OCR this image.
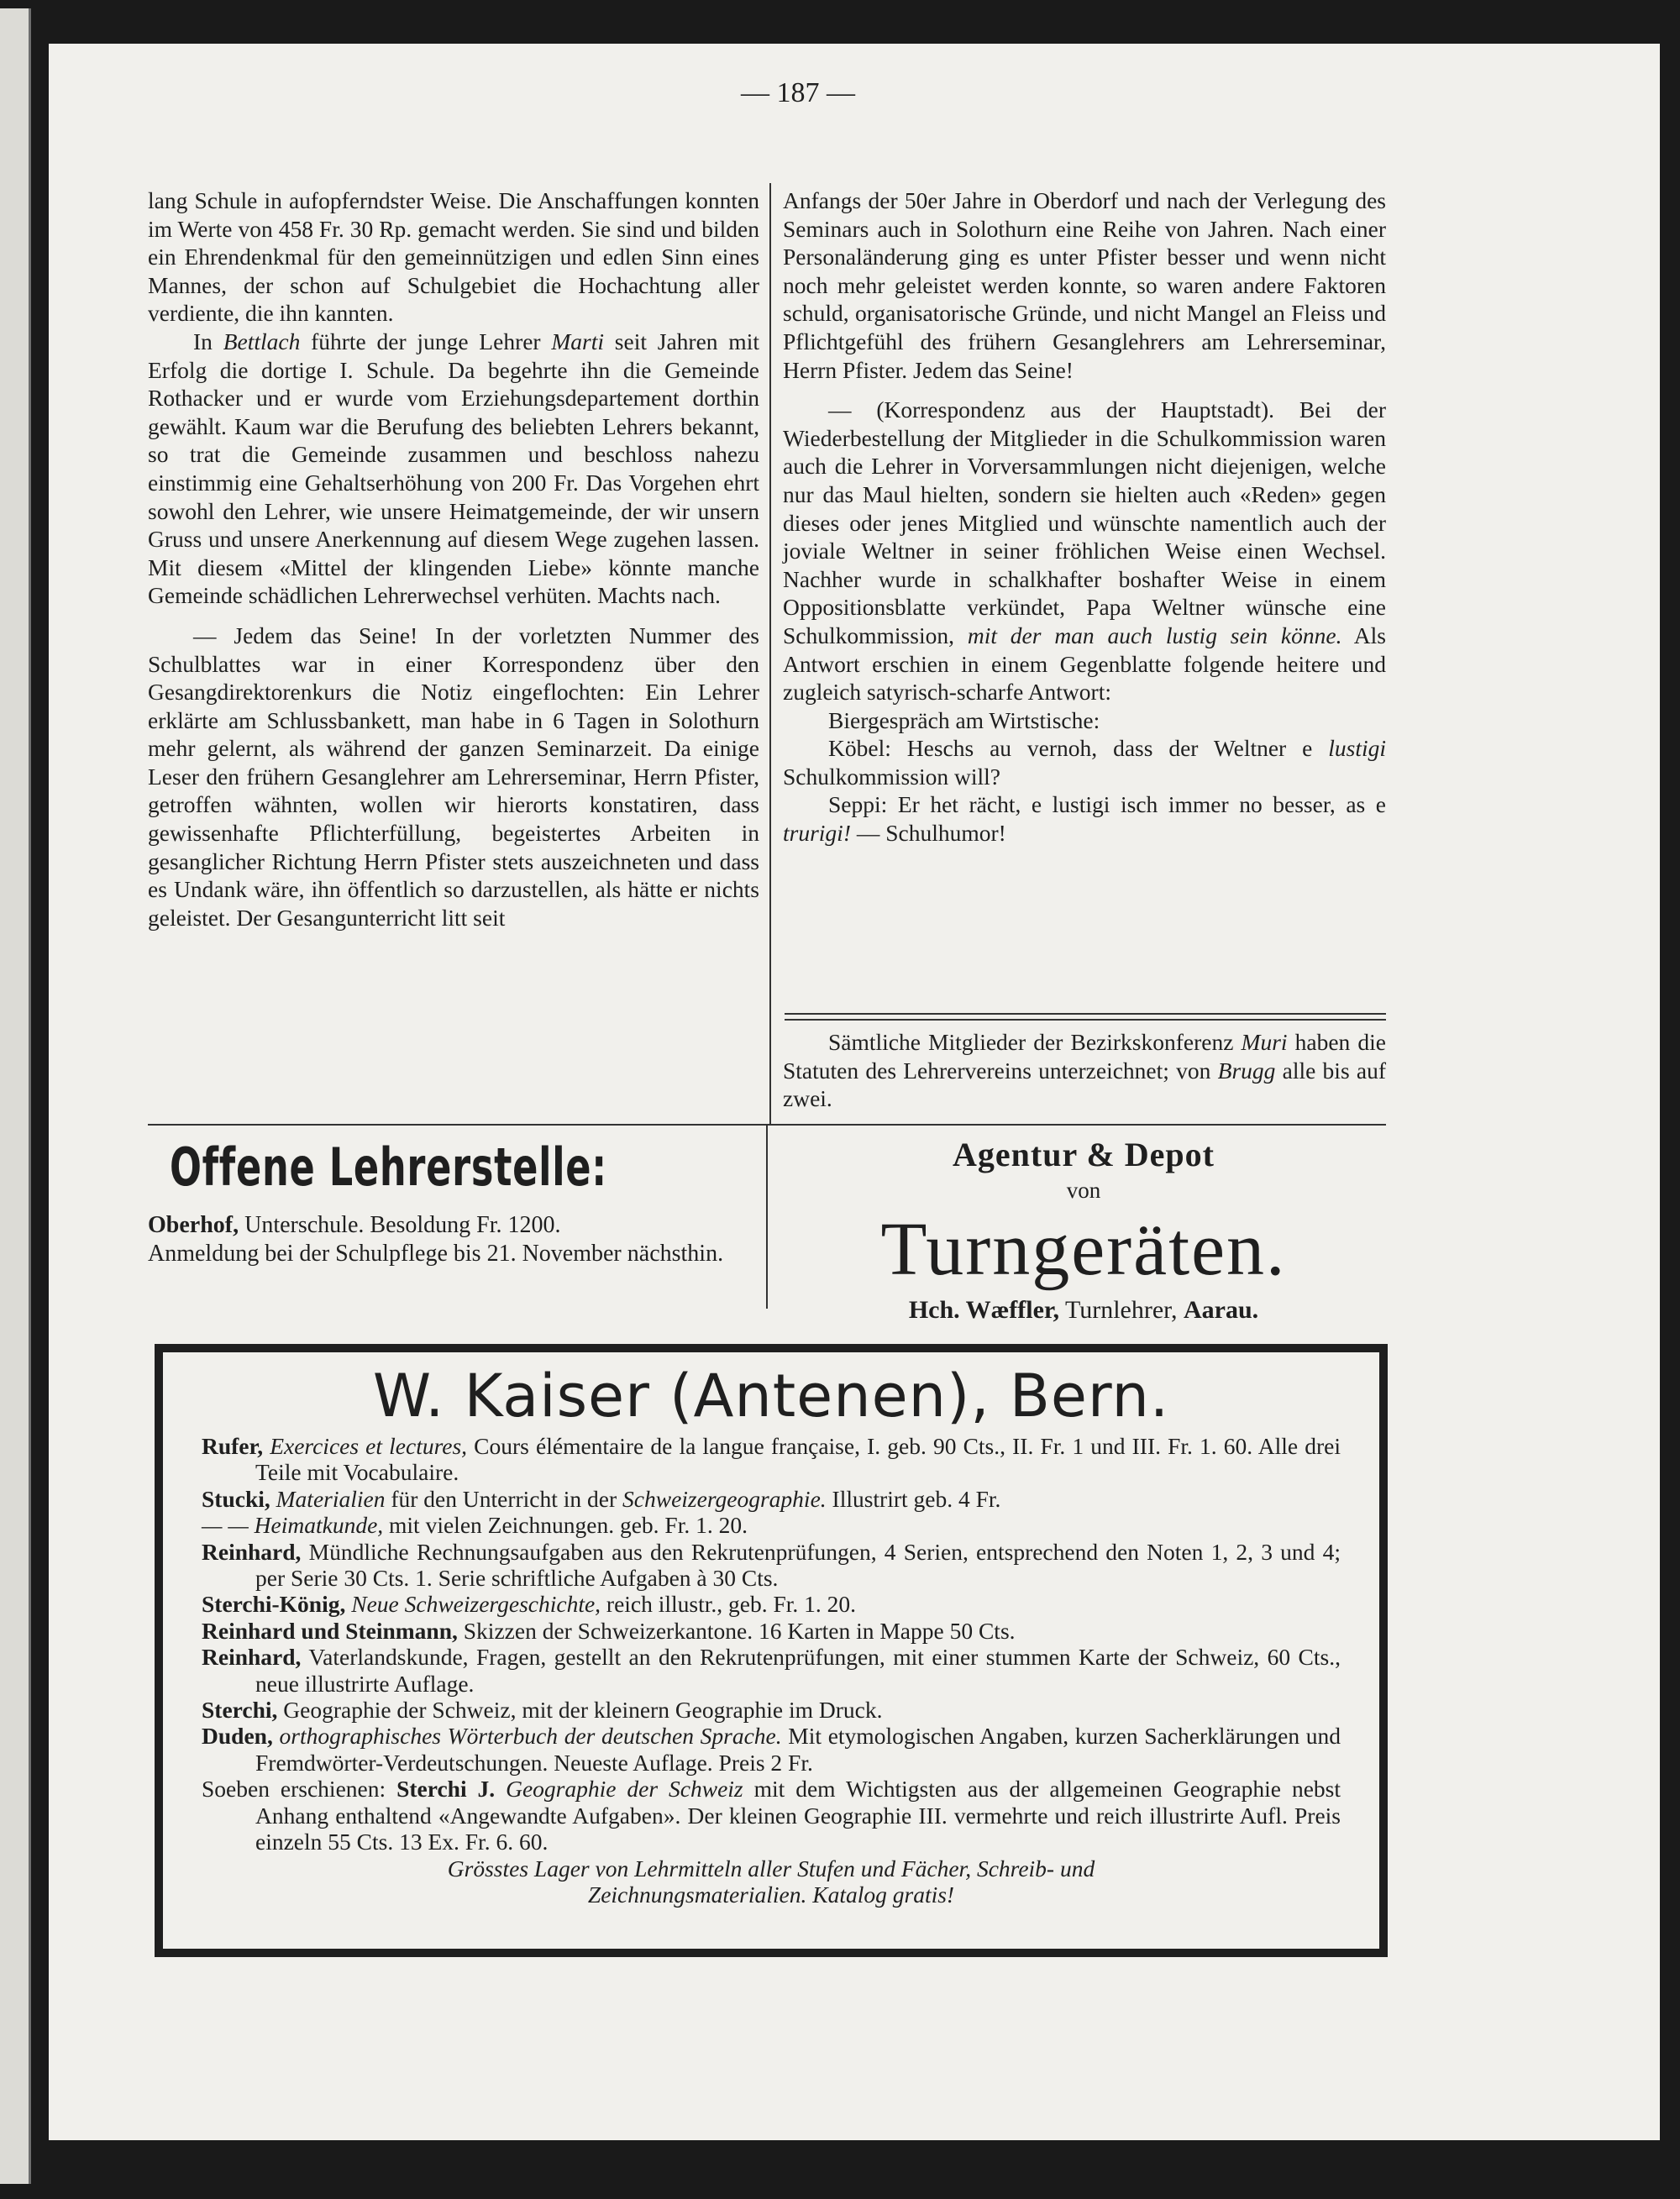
— 187 —

lang Schule in aufopferndster Weise. Die Anschaffungen konnten im Werte von 458 Fr. 30 Rp. gemacht werden. Sie sind und bilden ein Ehrendenkmal für den gemeinnützigen und edlen Sinn eines Mannes, der schon auf Schulgebiet die Hochachtung aller verdiente, die ihn kannten.

In Bettlach führte der junge Lehrer Marti seit Jahren mit Erfolg die dortige I. Schule. Da begehrte ihn die Gemeinde Rothacker und er wurde vom Erziehungsdepartement dorthin gewählt. Kaum war die Berufung des beliebten Lehrers bekannt, so trat die Gemeinde zusammen und beschloss nahezu einstimmig eine Gehaltserhöhung von 200 Fr. Das Vorgehen ehrt sowohl den Lehrer, wie unsere Heimatgemeinde, der wir unsern Gruss und unsere Anerkennung auf diesem Wege zugehen lassen. Mit diesem «Mittel der klingenden Liebe» könnte manche Gemeinde schädlichen Lehrerwechsel verhüten. Machts nach.

— Jedem das Seine! In der vorletzten Nummer des Schulblattes war in einer Korrespondenz über den Gesangdirektorenkurs die Notiz eingeflochten: Ein Lehrer erklärte am Schlussbankett, man habe in 6 Tagen in Solothurn mehr gelernt, als während der ganzen Seminarzeit. Da einige Leser den frühern Gesanglehrer am Lehrerseminar, Herrn Pfister, getroffen wähnten, wollen wir hierorts konstatiren, dass gewissenhafte Pflichterfüllung, begeistertes Arbeiten in gesanglicher Richtung Herrn Pfister stets auszeichneten und dass es Undank wäre, ihn öffentlich so darzustellen, als hätte er nichts geleistet. Der Gesangunterricht litt seit

Anfangs der 50er Jahre in Oberdorf und nach der Verlegung des Seminars auch in Solothurn eine Reihe von Jahren. Nach einer Personaländerung ging es unter Pfister besser und wenn nicht noch mehr geleistet werden konnte, so waren andere Faktoren schuld, organisatorische Gründe, und nicht Mangel an Fleiss und Pflichtgefühl des frühern Gesanglehrers am Lehrerseminar, Herrn Pfister. Jedem das Seine!

— (Korrespondenz aus der Hauptstadt). Bei der Wiederbestellung der Mitglieder in die Schulkommission waren auch die Lehrer in Vorversammlungen nicht diejenigen, welche nur das Maul hielten, sondern sie hielten auch «Reden» gegen dieses oder jenes Mitglied und wünschte namentlich auch der joviale Weltner in seiner fröhlichen Weise einen Wechsel. Nachher wurde in schalkhafter boshafter Weise in einem Oppositionsblatte verkündet, Papa Weltner wünsche eine Schulkommission, mit der man auch lustig sein könne. Als Antwort erschien in einem Gegenblatte folgende heitere und zugleich satyrisch-scharfe Antwort:

Biergespräch am Wirtstische:

Köbel: Heschs au vernoh, dass der Weltner e lustigi Schulkommission will?

Seppi: Er het rächt, e lustigi isch immer no besser, as e trurigi! — Schulhumor!

Sämtliche Mitglieder der Bezirkskonferenz Muri haben die Statuten des Lehrervereins unterzeichnet; von Brugg alle bis auf zwei.

Offene Lehrerstelle:
Oberhof, Unterschule. Besoldung Fr. 1200.
Anmeldung bei der Schulpflege bis 21. November nächsthin.
Agentur & Depot
von
Turngeräten.
Hch. Wæffler, Turnlehrer, Aarau.
W. Kaiser (Antenen), Bern.

Rufer, Exercices et lectures, Cours élémentaire de la langue française, I. geb. 90 Cts., II. Fr. 1 und III. Fr. 1. 60. Alle drei Teile mit Vocabulaire.

Stucki, Materialien für den Unterricht in der Schweizergeographie. Illustrirt geb. 4 Fr.

— — Heimatkunde, mit vielen Zeichnungen. geb. Fr. 1. 20.

Reinhard, Mündliche Rechnungsaufgaben aus den Rekrutenprüfungen, 4 Serien, entsprechend den Noten 1, 2, 3 und 4; per Serie 30 Cts. 1. Serie schriftliche Aufgaben à 30 Cts.

Sterchi-König, Neue Schweizergeschichte, reich illustr., geb. Fr. 1. 20.

Reinhard und Steinmann, Skizzen der Schweizerkantone. 16 Karten in Mappe 50 Cts.

Reinhard, Vaterlandskunde, Fragen, gestellt an den Rekrutenprüfungen, mit einer stummen Karte der Schweiz, 60 Cts., neue illustrirte Auflage.

Sterchi, Geographie der Schweiz, mit der kleinern Geographie im Druck.

Duden, orthographisches Wörterbuch der deutschen Sprache. Mit etymologischen Angaben, kurzen Sacherklärungen und Fremdwörter-Verdeutschungen. Neueste Auflage. Preis 2 Fr.

Soeben erschienen: Sterchi J. Geographie der Schweiz mit dem Wichtigsten aus der allgemeinen Geographie nebst Anhang enthaltend «Angewandte Aufgaben». Der kleinen Geographie III. vermehrte und reich illustrirte Aufl. Preis einzeln 55 Cts. 13 Ex. Fr. 6. 60.

Grösstes Lager von Lehrmitteln aller Stufen und Fächer, Schreib- und

Zeichnungsmaterialien. Katalog gratis!
